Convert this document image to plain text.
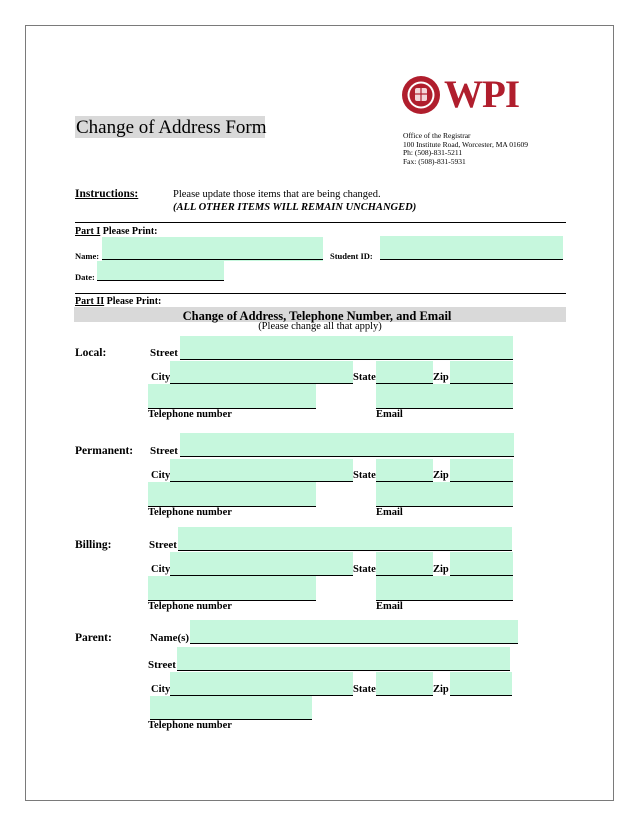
Change of Address Form
WPI
Office of the Registrar
100 Institute Road, Worcester, MA 01609
Ph: (508)-831-5211
Fax: (508)-831-5931
Instructions:	Please update those items that are being changed.
(ALL OTHER ITEMS WILL REMAIN UNCHANGED)
Part I Please Print:
Name:	Student ID:
Date:
Part II Please Print:
Change of Address, Telephone Number, and Email
(Please change all that apply)
Local:	Street
City	State	Zip
Telephone number	Email
Permanent: Street
City	State	Zip
Telephone number	Email
Billing:	Street
City	State	Zip
Telephone number	Email
Parent:	Name(s)
Street
City	State	Zip
Telephone number
